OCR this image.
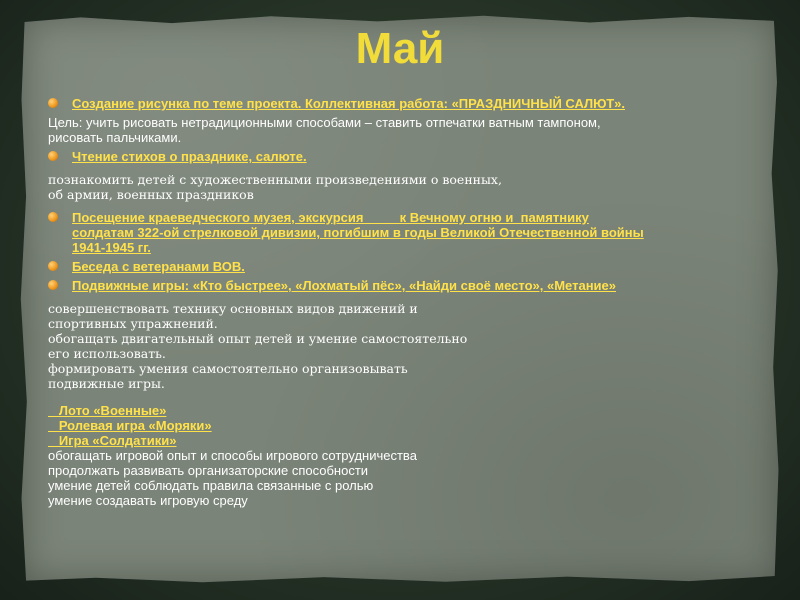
Май
Создание рисунка по теме проекта. Коллективная работа: «ПРАЗДНИЧНЫЙ САЛЮТ».
Цель: учить рисовать нетрадиционными способами – ставить отпечатки ватным тампоном,
рисовать пальчиками.
Чтение стихов о празднике, салюте.
познакомить детей с художественными произведениями о военных,
об армии, военных праздников
Посещение краеведческого музея, экскурсия          к Вечному огню и  памятнику
солдатам 322-ой стрелковой дивизии, погибшим в годы Великой Отечественной войны
1941-1945 гг.
Беседа с ветеранами ВОВ.
Подвижные игры: «Кто быстрее», «Лохматый пёс», «Найди своё место», «Метание»
совершенствовать технику основных видов движений и
спортивных упражнений.
обогащать двигательный опыт детей и умение самостоятельно
его использовать.
формировать умения самостоятельно организовывать
подвижные игры.
Лото «Военные»
Ролевая игра «Моряки»
Игра «Солдатики»
обогащать игровой опыт и способы игрового сотрудничества
продолжать развивать организаторские способности
умение детей соблюдать правила связанные с ролью
умение создавать игровую среду
